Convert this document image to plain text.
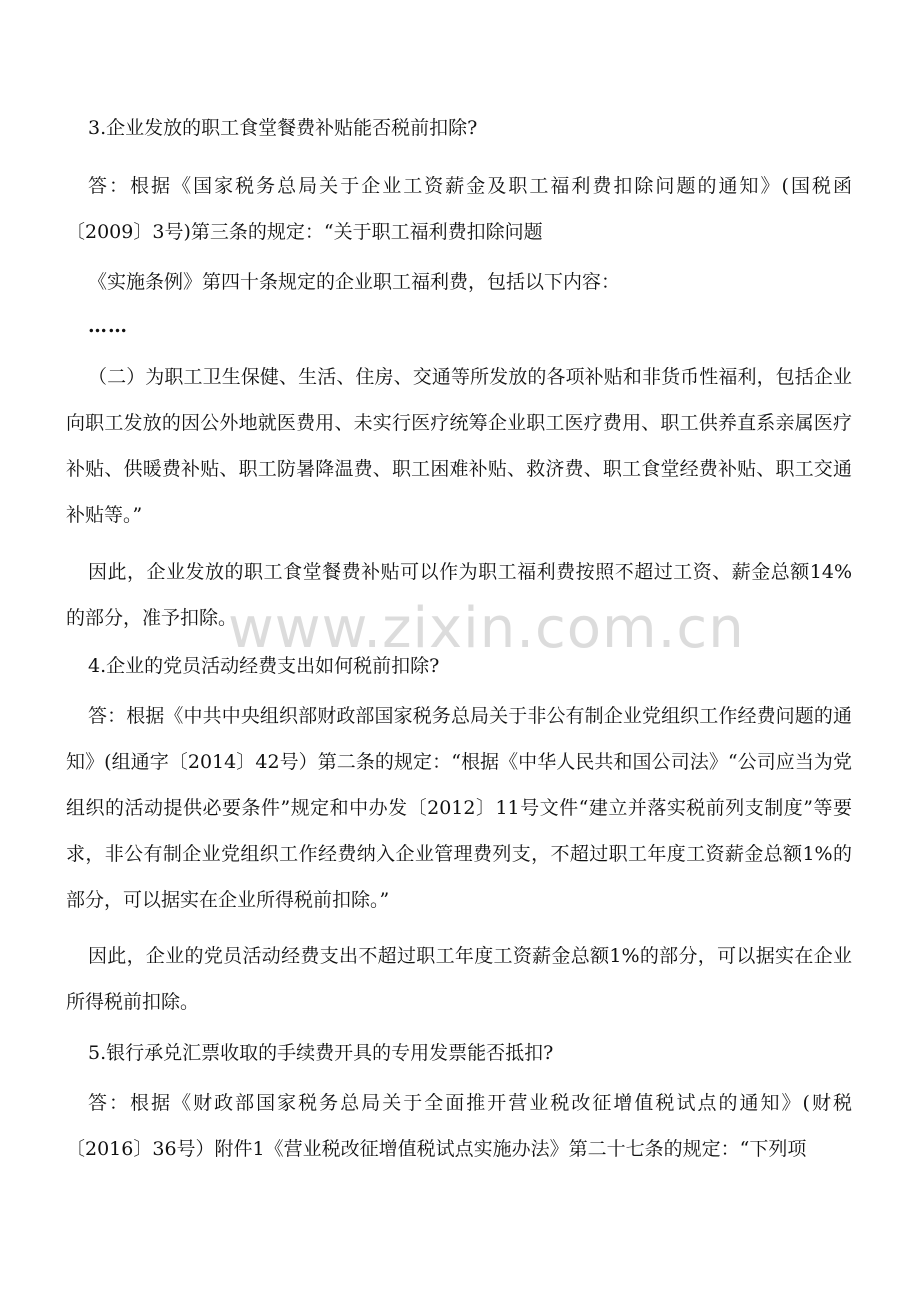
www.zixin.com.cn

3.企业发放的职工食堂餐费补贴能否税前扣除?

答：根据《国家税务总局关于企业工资薪金及职工福利费扣除问题的通知》(国税函〔2009〕3号)第三条的规定：“关于职工福利费扣除问题

《实施条例》第四十条规定的企业职工福利费，包括以下内容：

……

（二）为职工卫生保健、生活、住房、交通等所发放的各项补贴和非货币性福利，包括企业向职工发放的因公外地就医费用、未实行医疗统筹企业职工医疗费用、职工供养直系亲属医疗补贴、供暖费补贴、职工防暑降温费、职工困难补贴、救济费、职工食堂经费补贴、职工交通补贴等。”

因此，企业发放的职工食堂餐费补贴可以作为职工福利费按照不超过工资、薪金总额14%的部分，准予扣除。

4.企业的党员活动经费支出如何税前扣除?

答：根据《中共中央组织部财政部国家税务总局关于非公有制企业党组织工作经费问题的通知》(组通字〔2014〕42号）第二条的规定：“根据《中华人民共和国公司法》“公司应当为党组织的活动提供必要条件”规定和中办发〔2012〕11号文件“建立并落实税前列支制度”等要求，非公有制企业党组织工作经费纳入企业管理费列支，不超过职工年度工资薪金总额1%的部分，可以据实在企业所得税前扣除。”

因此，企业的党员活动经费支出不超过职工年度工资薪金总额1%的部分，可以据实在企业所得税前扣除。

5.银行承兑汇票收取的手续费开具的专用发票能否抵扣?

答：根据《财政部国家税务总局关于全面推开营业税改征增值税试点的通知》(财税〔2016〕36号）附件1《营业税改征增值税试点实施办法》第二十七条的规定：“下列项
